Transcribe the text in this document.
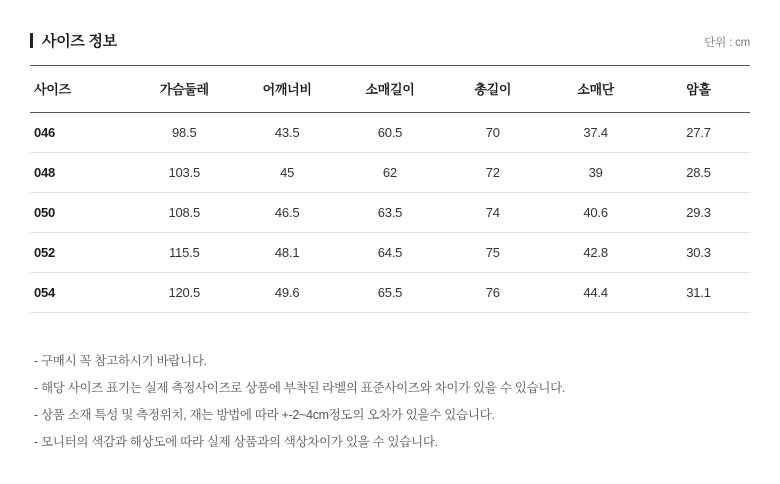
사이즈 정보	단위 : cm
사이즈	가슴둘레	어깨너비	소매길이	총길이	소매단	암홀
046	98.5	43.5	60.5	70	37.4	27.7
048	103.5	45	62	72	39	28.5
050	108.5	46.5	63.5	74	40.6	29.3
052	115.5	48.1	64.5	75	42.8	30.3
054	120.5	49.6	65.5	76	44.4	31.1

- 구매시 꼭 참고하시기 바랍니다.

- 해당 사이즈 표기는 실제 측정사이즈로 상품에 부착된 라벨의 표준사이즈와 차이가 있을 수 있습니다.

- 상품 소재 특성 및 측정위치, 재는 방법에 따라 +-2~4cm정도의 오차가 있을수 있습니다.

- 모니터의 색감과 해상도에 따라 실제 상품과의 색상차이가 있을 수 있습니다.
